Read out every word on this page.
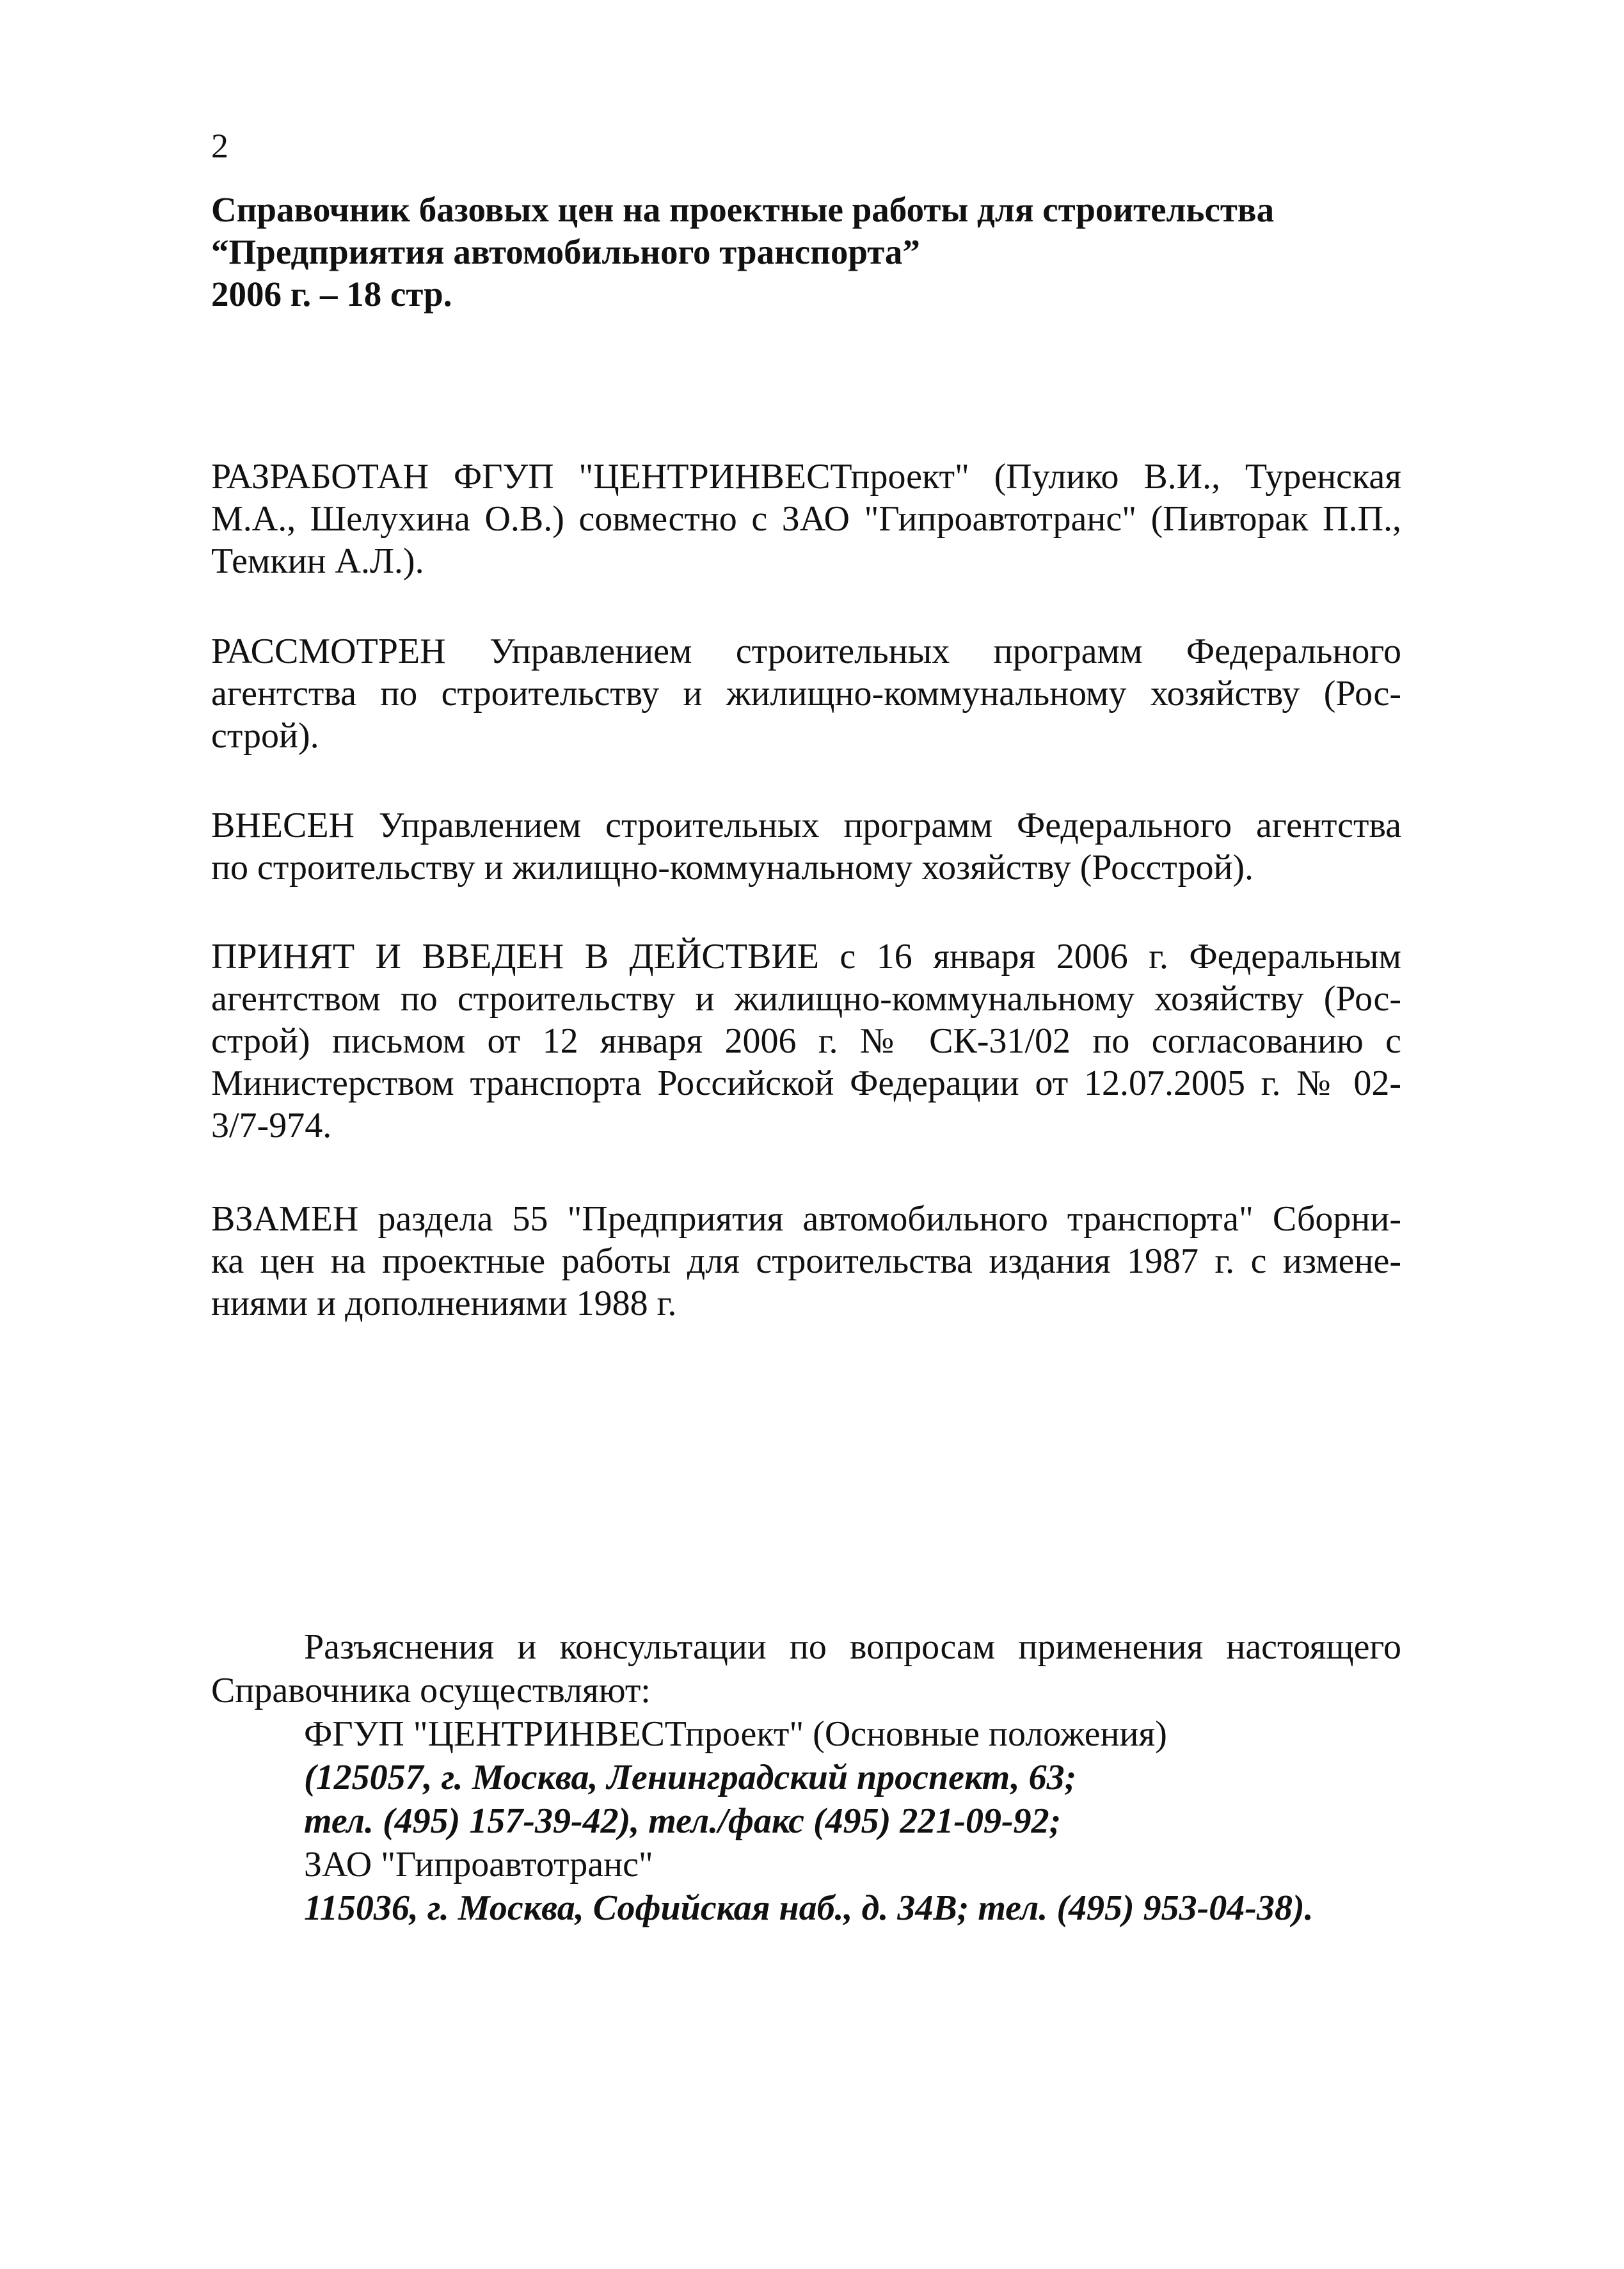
2
Справочник базовых цен на проектные работы для строительства
“Предприятия автомобильного транспорта”
2006 г. – 18 стр.
РАЗРАБОТАН ФГУП "ЦЕНТРИНВЕСТпроект" (Пулико В.И., Туренская
М.А., Шелухина О.В.) совместно с ЗАО "Гипроавтотранс" (Пивторак П.П.,
Темкин А.Л.).
РАССМОТРЕН Управлением строительных программ Федерального
агентства по строительству и жилищно-коммунальному хозяйству (Рос-
строй).
ВНЕСЕН Управлением строительных программ Федерального агентства
по строительству и жилищно-коммунальному хозяйству (Росстрой).
ПРИНЯТ И ВВЕДЕН В ДЕЙСТВИЕ с 16 января 2006 г. Федеральным
агентством по строительству и жилищно-коммунальному хозяйству (Рос-
строй) письмом от 12 января 2006 г. № СК-31/02 по согласованию с
Министерством транспорта Российской Федерации от 12.07.2005 г. № 02-
3/7-974.
ВЗАМЕН раздела 55 "Предприятия автомобильного транспорта" Сборни-
ка цен на проектные работы для строительства издания 1987 г. с измене-
ниями и дополнениями 1988 г.
Разъяснения и консультации по вопросам применения настоящего
Справочника осуществляют:
ФГУП "ЦЕНТРИНВЕСТпроект" (Основные положения)
(125057, г. Москва, Ленинградский проспект, 63;
тел. (495) 157-39-42), тел./факс (495) 221-09-92;
ЗАО "Гипроавтотранс"
115036, г. Москва, Софийская наб., д. 34В; тел. (495) 953-04-38).
